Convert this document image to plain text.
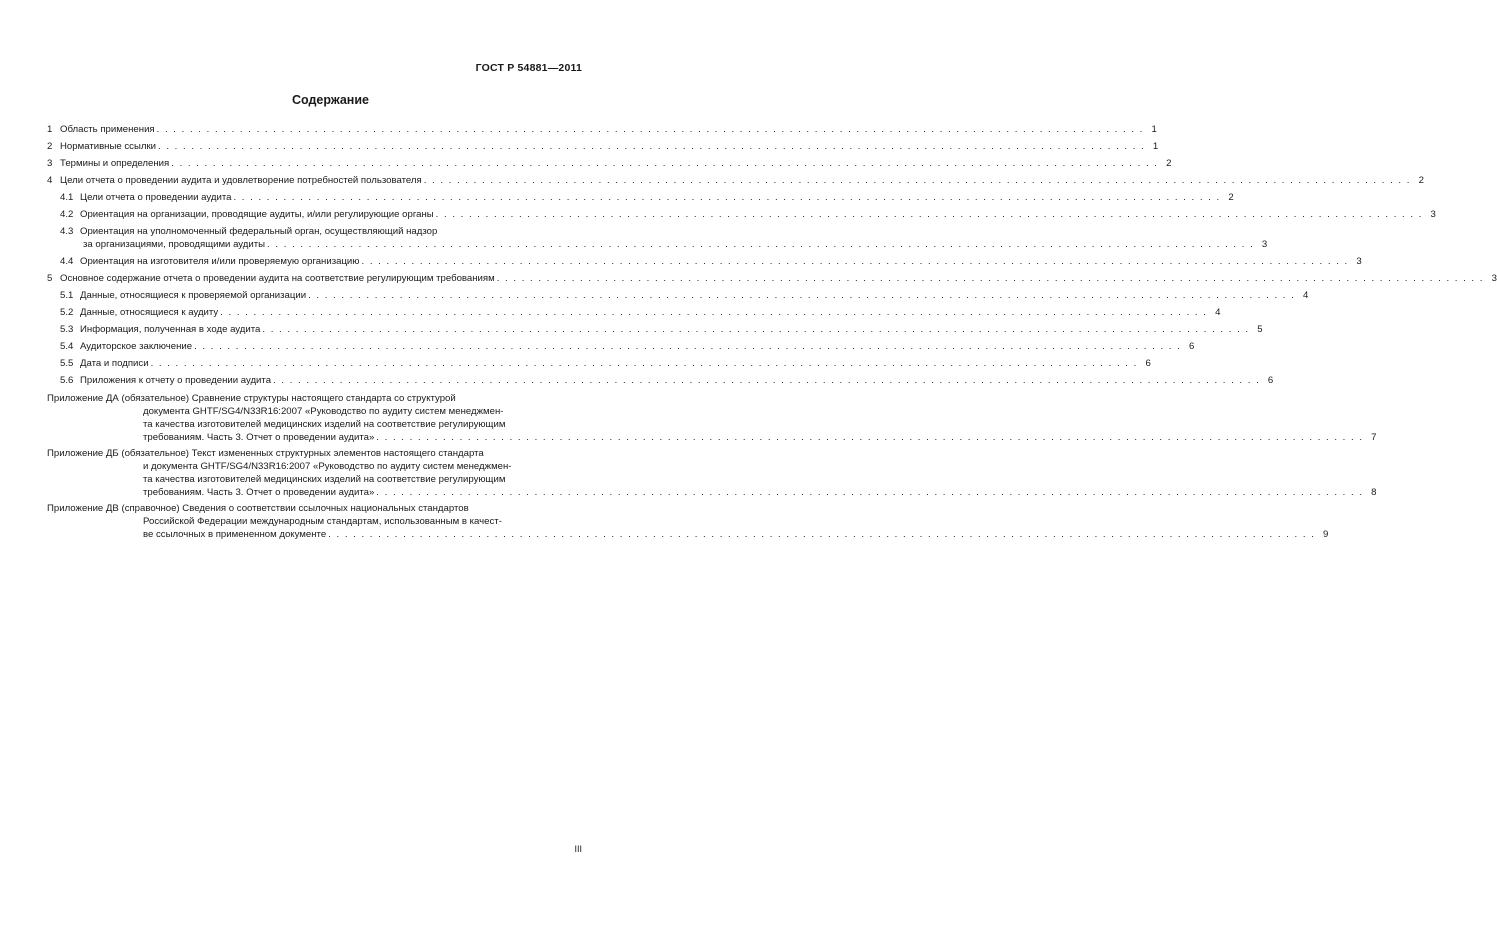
ГОСТ Р 54881—2011
Содержание
1 Область применения . . . . . . . . . . . . . . . . . . . . . . . . . . . . . . . . . . . . . . . . . . . . . . . . . . . . . . . . . . . . . . . . . . . . . . . . . . . . . . . . . . . . . . . . . . . . . . . . . . . . . . . . . . . . . . . . . . . . . . . 1
2 Нормативные ссылки . . . . . . . . . . . . . . . . . . . . . . . . . . . . . . . . . . . . . . . . . . . . . . . . . . . . . . . . . . . . . . . . . . . . . . . . . . . . . . . . . . . . . . . . . . . . . . . . . . . . . . . . . . . . . . . . . . . . . . . 1
3 Термины и определения . . . . . . . . . . . . . . . . . . . . . . . . . . . . . . . . . . . . . . . . . . . . . . . . . . . . . . . . . . . . . . . . . . . . . . . . . . . . . . . . . . . . . . . . . . . . . . . . . . . . . . . . . . . . . . . . . . . . . . . 2
4 Цели отчета о проведении аудита и удовлетворение потребностей пользователя . . . . . . . . . . . . . . . . . . . . . . . . . . . . . . . . . . . . . . . . . . . . . . . . . . . . . . . . . . . . . . . . . . . . . . . . . . . . . . . . . . . . . . . . . . . . . . . . . . . . . . . . . . . . . . . . . . . . . . . 2
4.1 Цели отчета о проведении аудита . . . . . . . . . . . . . . . . . . . . . . . . . . . . . . . . . . . . . . . . . . . . . . . . . . . . . . . . . . . . . . . . . . . . . . . . . . . . . . . . . . . . . . . . . . . . . . . . . . . . . . . . . . . . . . . . . . . . . . . 2
4.2 Ориентация на организации, проводящие аудиты, и/или регулирующие органы . . . . . . . . . . . . . . . . . . . . . . . . . . . . . . . . . . . . . . . . . . . . . . . . . . . . . . . . . . . . . . . . . . . . . . . . . . . . . . . . . . . . . . . . . . . . . . . . . . . . . . . . . . . . . . . . . . . . . . . 3
4.3 Ориентация на уполномоченный федеральный орган, осуществляющий надзор
за организациями, проводящими аудиты . . . . . . . . . . . . . . . . . . . . . . . . . . . . . . . . . . . . . . . . . . . . . . . . . . . . . . . . . . . . . . . . . . . . . . . . . . . . . . . . . . . . . . . . . . . . . . . . . . . . . . . . . . . . . . . . . . . . . . . 3
4.4 Ориентация на изготовителя и/или проверяемую организацию . . . . . . . . . . . . . . . . . . . . . . . . . . . . . . . . . . . . . . . . . . . . . . . . . . . . . . . . . . . . . . . . . . . . . . . . . . . . . . . . . . . . . . . . . . . . . . . . . . . . . . . . . . . . . . . . . . . . . . . 3
5 Основное содержание отчета о проведении аудита на соответствие регулирующим требованиям . . . . . . . . . . . . . . . . . . . . . . . . . . . . . . . . . . . . . . . . . . . . . . . . . . . . . . . . . . . . . . . . . . . . . . . . . . . . . . . . . . . . . . . . . . . . . . . . . . . . . . . . . . . . . . . . . . . . . . . 3
5.1 Данные, относящиеся к проверяемой организации . . . . . . . . . . . . . . . . . . . . . . . . . . . . . . . . . . . . . . . . . . . . . . . . . . . . . . . . . . . . . . . . . . . . . . . . . . . . . . . . . . . . . . . . . . . . . . . . . . . . . . . . . . . . . . . . . . . . . . . 4
5.2 Данные, относящиеся к аудиту . . . . . . . . . . . . . . . . . . . . . . . . . . . . . . . . . . . . . . . . . . . . . . . . . . . . . . . . . . . . . . . . . . . . . . . . . . . . . . . . . . . . . . . . . . . . . . . . . . . . . . . . . . . . . . . . . . . . . . . 4
5.3 Информация, полученная в ходе аудита . . . . . . . . . . . . . . . . . . . . . . . . . . . . . . . . . . . . . . . . . . . . . . . . . . . . . . . . . . . . . . . . . . . . . . . . . . . . . . . . . . . . . . . . . . . . . . . . . . . . . . . . . . . . . . . . . . . . . . . 5
5.4 Аудиторское заключение . . . . . . . . . . . . . . . . . . . . . . . . . . . . . . . . . . . . . . . . . . . . . . . . . . . . . . . . . . . . . . . . . . . . . . . . . . . . . . . . . . . . . . . . . . . . . . . . . . . . . . . . . . . . . . . . . . . . . . . 6
5.5 Дата и подписи . . . . . . . . . . . . . . . . . . . . . . . . . . . . . . . . . . . . . . . . . . . . . . . . . . . . . . . . . . . . . . . . . . . . . . . . . . . . . . . . . . . . . . . . . . . . . . . . . . . . . . . . . . . . . . . . . . . . . . . 6
5.6 Приложения к отчету о проведении аудита . . . . . . . . . . . . . . . . . . . . . . . . . . . . . . . . . . . . . . . . . . . . . . . . . . . . . . . . . . . . . . . . . . . . . . . . . . . . . . . . . . . . . . . . . . . . . . . . . . . . . . . . . . . . . . . . . . . . . . . 6
Приложение ДА (обязательное) Сравнение структуры настоящего стандарта со структурой
документа GHTF/SG4/N33R16:2007 «Руководство по аудиту систем менеджмен-
та качества изготовителей медицинских изделий на соответствие регулирующим
требованиям. Часть 3. Отчет о проведении аудита» . . . . . . . . . . . . . . . . . . . . . . . . . . . . . . . . . . . . . . . . . . . . . . . . . . . . . . . . . . . . . . . . . . . . . . . . . . . . . . . . . . . . . . . . . . . . . . . . . . . . . . . . . . . . . . . . . . . . . . . 7
Приложение ДБ (обязательное) Текст измененных структурных элементов настоящего стандарта
и документа GHTF/SG4/N33R16:2007 «Руководство по аудиту систем менеджмен-
та качества изготовителей медицинских изделий на соответствие регулирующим
требованиям. Часть 3. Отчет о проведении аудита» . . . . . . . . . . . . . . . . . . . . . . . . . . . . . . . . . . . . . . . . . . . . . . . . . . . . . . . . . . . . . . . . . . . . . . . . . . . . . . . . . . . . . . . . . . . . . . . . . . . . . . . . . . . . . . . . . . . . . . . 8
Приложение ДВ (справочное) Сведения о соответствии ссылочных национальных стандартов
Российской Федерации международным стандартам, использованным в качест-
ве ссылочных в примененном документе . . . . . . . . . . . . . . . . . . . . . . . . . . . . . . . . . . . . . . . . . . . . . . . . . . . . . . . . . . . . . . . . . . . . . . . . . . . . . . . . . . . . . . . . . . . . . . . . . . . . . . . . . . . . . . . . . . . . . . . 9
III
